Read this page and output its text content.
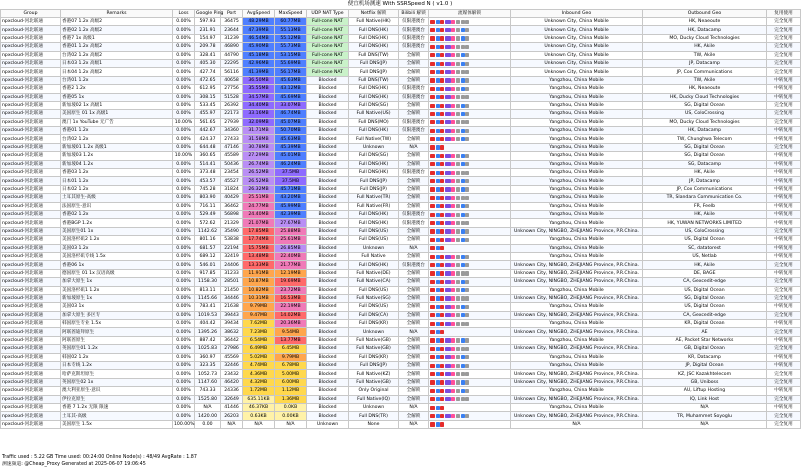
便宜机场测速 With SSRSpeed N ( v1.0 )
Group	Remarks	Loss	Google Ping	Port	AvgSpeed	MaxSpeed	UDP NAT Type	Netflix 解锁	Bilibili 解锁	流媒体解锁	Inbound Geo	Outbound Geo	复用使用
npxcloud-河北联通	香港07 1.2x 高级2	0.00%	597.93	36475	48.29MB	60.77MB	Full-cone NAT	Full Native(HK)	仅限港澳台		Unknown City, China Mobile	HK, Neaeoute	完全复用
npxcloud-河北联通	香港02 1.2x 高级2	0.00%	231.91	23644	47.39MB	55.13MB	Full-cone NAT	Full DNS(HK)	仅限港澳台		Unknown City, China Mobile	HK, Datacamp	完全复用
npxcloud-河北联通	香港7 1x 高级1	0.00%	154.97	31239	46.54MB	55.12MB	Full-cone NAT	Full DNS(HK)	仅限港澳台		Unknown City, China Mobile	MO, Ducky Cloud Technologies	完全复用
npxcloud-河北联通	香港01 1.2x 高级2	0.00%	209.78	46890	45.90MB	55.73MB	Full-cone NAT	Full DNS(HK)	仅限港澳台		Unknown City, China Mobile	HK, Akile	完全复用
npxcloud-河北联通	台湾02 1.2x 高级2	0.00%	328.41	44790	45.18MB	53.15MB	Full-cone NAT	Full DNS(TW)	全解锁		Unknown City, China Mobile	TW, Akile	完全复用
npxcloud-河北联通	日本03 1.2x 高级1	0.00%	405.30	22295	42.96MB	55.69MB	Full-cone NAT	Full DNS(JP)	全解锁		Unknown City, China Mobile	JP, Datacamp	完全复用
npxcloud-河北联通	日本04 1.2x 高级2	0.00%	427.74	56116	41.39MB	56.17MB	Full-cone NAT	Full DNS(JP)	全解锁		Unknown City, China Mobile	JP, Cox Communications	完全复用
npxcloud-河北联通	台湾01 1.2x	0.00%	472.65	40658	36.50MB	45.63MB	Blocked	Full DNS(TW)	全解锁		Yangzhou, China Mobile	TW, Akile	中转复用
npxcloud-河北联通	香港2 1.2x	0.00%	612.95	27756	35.55MB	43.12MB	Blocked	Full DNS(HK)	仅限港澳台		Yangzhou, China Mobile	HK, Neaeoute	中转复用
npxcloud-河北联通	香港05 1x	0.00%	308.15	51528	34.57MB	45.69MB	Blocked	Full DNS(HK)	仅限港澳台		Yangzhou, China Mobile	HK, Ducky Cloud Technologies	中转复用
npxcloud-河北联通	新加坡02 1x 高级1	0.00%	533.45	26392	34.40MB	33.07MB	Blocked	Full DNS(SG)	全解锁		Yangzhou, China Mobile	SG, Digital Ocean	完全复用
npxcloud-河北联通	美国原生 01 1x 高级1	0.00%	455.97	22173	33.16MB	46.74MB	Blocked	Full Native(US)	全解锁		Yangzhou, China Mobile	US, ColoCrossing	完全复用
npxcloud-河北联通	澳门 1x YouTube 无广告	10.00%	561.65	27939	32.09MB	45.07MB	Blocked	Full DNS(MO)	仅限港澳台		Yangzhou, China Mobile	MO, Ducky Cloud Technologies	完全复用
npxcloud-河北联通	香港01 1.2x	0.00%	442.67	34360	31.71MB	50.70MB	Blocked	Full DNS(HK)	仅限港澳台		Yangzhou, China Mobile	HK, Datacamp	中转复用
npxcloud-河北联通	台湾02 1.2x	0.00%	424.37	27433	31.58MB	45.63MB	Blocked	Full Native(TW)	全解锁		Yangzhou, China Mobile	TW, Chunghwa Telecom	中转复用
npxcloud-河北联通	新加坡01 1.2x 高级1	0.00%	644.48	47146	30.78MB	45.39MB	Blocked	Unknown	N/A		Yangzhou, China Mobile	SG, Digital Ocean	完全复用
npxcloud-河北联通	新加坡03 1.2x	10.00%	360.65	45589	27.29MB	45.01MB	Blocked	Full DNS(SG)	全解锁		Yangzhou, China Mobile	SG, Digital Ocean	中转复用
npxcloud-河北联通	新加坡04 1.2x	0.00%	514.41	50436	26.74MB	46.24MB	Blocked	Full DNS(HK)	全解锁		Yangzhou, China Mobile	SG, Datacamp	中转复用
npxcloud-河北联通	香港03 1.2x	0.00%	373.48	23454	26.52MB	37.5MB	Blocked	Full DNS(HK)	仅限港澳台		Yangzhou, China Mobile	HK, Akile	中转复用
npxcloud-河北联通	日本01 1.2x	0.00%	453.57	45527	26.52MB	37.5MB	Blocked	Full DNS(JP)	全解锁		Yangzhou, China Mobile	JP, Datacamp	中转复用
npxcloud-河北联通	日本02 1.2x	0.00%	745.28	31824	26.32MB	45.71MB	Blocked	Full DNS(JP)	全解锁		Yangzhou, China Mobile	JP, Cox Communications	中转复用
npxcloud-河北联通	土耳其原生-高级	0.00%	803.90	40429	25.51MB	43.20MB	Blocked	Full Native(TR)	全解锁		Yangzhou, China Mobile	TR, Slandara Communication Co.	中转复用
npxcloud-河北联通	法国原生-意识	0.00%	716.11	36462	24.77MB	45.99MB	Blocked	Full Native(FR)	全解锁		Yangzhou, China Mobile	FR, Feelb	中转复用
npxcloud-河北联通	香港02 1.2x	0.00%	529.49	56898	24.40MB	42.39MB	Blocked	Full DNS(HK)	仅限港澳台		Yangzhou, China Mobile	HK, Akile	中转复用
npxcloud-河北联通	香港BGP 1.2x	0.00%	572.62	21329	21.07MB	27.67MB	Blocked	Full DNS(HK)	仅限港澳台		Yangzhou, China Mobile	HK, YUWAN NETWORKS LIMITED	中转复用
npxcloud-河北联通	美国原生01 1x	0.00%	1142.62	35490	17.85MB	25.88MB	Blocked	Full DNS(US)	全解锁		Unknown City, NINGBO, ZHEJIANG Province, P.R.China.	US, ColoCrossing	完全复用
npxcloud-河北联通	美国洛杉矶2 1.2x	0.00%	801.16	53838	17.74MB	25.61MB	Blocked	Full DNS(US)	全解锁		Yangzhou, China Mobile	US, Digital Ocean	中转复用
npxcloud-河北联通	美国03 1.2x	0.00%	681.57	22194	15.75MB	26.85MB	Blocked	Unknown	N/A		Yangzhou, China Mobile	SC, datatorest	中转复用
npxcloud-河北联通	美国洛杉矶专线 1.5x	0.00%	689.12	32419	13.48MB	22.40MB	Blocked	Full Native	全解锁		Yangzhou, China Mobile	US, Netlab	中转复用
npxcloud-河北联通	香港06 1x	0.00%	546.01	24406	13.33MB	21.77MB	Blocked	Full DNS(HK)	仅限港澳台		Unknown City, NINGBO, ZHEJIANG Province, P.R.China.	HK, Akile	完全复用
npxcloud-河北联通	德国原生 01 1x 汉语高级	0.00%	917.85	31233	11.91MB	12.19MB	Blocked	Full Native(DE)	全解锁		Unknown City, NINGBO, ZHEJIANG Province, P.R.China.	DE, BAGE	中转复用
npxcloud-河北联通	加拿大原生 1x	0.00%	1158.30	28501	10.87MB	19.69MB	Blocked	Full Native(CA)	全解锁		Unknown City, NINGBO, ZHEJIANG Province, P.R.China.	CA, Gexcedit-edge	完全复用
npxcloud-河北联通	美国洛杉矶1 1.2x	0.00%	813.11	21450	10.82MB	23.72MB	Blocked	Full DNS(US)	全解锁		Yangzhou, China Mobile	US, Digital Ocean	完全复用
npxcloud-河北联通	新加坡原生 1x	0.00%	1145.66	34446	10.31MB	16.53MB	Blocked	Full Native(SG)	全解锁		Unknown City, NINGBO, ZHEJIANG Province, P.R.China.	SG, Digital Ocean	完全复用
npxcloud-河北联通	美国03 1x	0.00%	783.41	21638	9.79MB	22.19MB	Blocked	Full DNS(US)	全解锁		Yangzhou, China Mobile	US, Digital Ocean	中转复用
npxcloud-河北联通	加拿大原生 多区专	0.00%	1019.53	39443	9.47MB	14.02MB	Blocked	Full DNS(CA)	全解锁		Unknown City, NINGBO, ZHEJIANG Province, P.R.China.	CA, Gexcedit-edge	完全复用
npxcloud-河北联通	韩国原生专业 1.5x	0.00%	404.42	39434	7.62MB	20.36MB	Blocked	Full DNS(KR)	全解锁		Yangzhou, China Mobile	KR, Digital Ocean	中转复用
npxcloud-河北联通	阿联酋迪拜原生	0.00%	1395.26	38632	7.23MB	9.54MB	Blocked	Unknown	N/A		Unknown City, NINGBO, ZHEJIANG Province, P.R.China.	AE	完全复用
npxcloud-河北联通	阿联酋原生	0.00%	887.42	36442	6.54MB	13.77MB	Blocked	Full Native(GB)	全解锁		Yangzhou, China Mobile	AE, Packet Star Networks	中转复用
npxcloud-河北联通	英国原生01 1.2x	0.00%	1025.83	27986	6.49MB	6.45MB	Blocked	Full Native(GB)	全解锁		Unknown City, NINGBO, ZHEJIANG Province, P.R.China.	GB, Digital Ocean	完全复用
npxcloud-河北联通	韩国02 1.2x	0.00%	360.97	45569	5.02MB	9.79MB	Blocked	Full DNS(KR)	全解锁		Yangzhou, China Mobile	KR, Datacamp	中转复用
npxcloud-河北联通	日本专线 1.2x	0.00%	323.35	32446	4.74MB	6.78MB	Blocked	Full DNS(JP)	全解锁		Yangzhou, China Mobile	JP, Digital Ocean	中转复用
npxcloud-河北联通	哈萨克斯坦原生	0.00%	1052.73	23432	4.36MB	5.00MB	Blocked	Full Native(KZ)	全解锁		Unknown City, NINGBO, ZHEJIANG Province, P.R.China.	KZ, JSC Kazakhtelecom	完全复用
npxcloud-河北联通	英国原生02 1x	0.00%	1147.60	46420	4.32MB	6.00MB	Blocked	Full Native(GB)	全解锁		Unknown City, NINGBO, ZHEJIANG Province, P.R.China.	GB, Uniboss	完全复用
npxcloud-河北联通	澳大利亚原生-意识	0.00%	743.33	24336	1.72MB	1.12MB	Blocked	Only Original	全解锁		Yangzhou, China Mobile	AU, Liftup Hosting	中转复用
npxcloud-河北联通	伊拉克原生	0.00%	1525.80	32649	635.11KB	1.36MB	Blocked	Full Native(IQ)	全解锁		Unknown City, NINGBO, ZHEJIANG Province, P.R.China.	IQ, Link Host	完全复用
npxcloud-河北联通	香港 7 1.2x 无限 限速	0.00%	N/A	41446	46.37KB	0.0KB	Blocked	Unknown	N/A		Yangzhou, China Mobile	N/A	中转复用
npxcloud-河北联通	土耳其-高级	0.00%	1420.00	26203	0.63KB	0.00KB	Blocked	Full DNS(TR)	全解锁		Unknown City, NINGBO, ZHEJIANG Province, P.R.China.	TR, Muhammet Soyoglu	完全复用
npxcloud-河北联通	美国原生 1.5x	100.00%	0.00	N/A	N/A	N/A	Unknown	None	N/A		N/A	N/A	完全复用
Traffic used : 5.22 GB Time used: 00:24:00 Online Node(s) : 48/49 AvgRate : 1.87
测速频道: @Cheap_Proxy Generated at 2025-06-07 19:06:45
